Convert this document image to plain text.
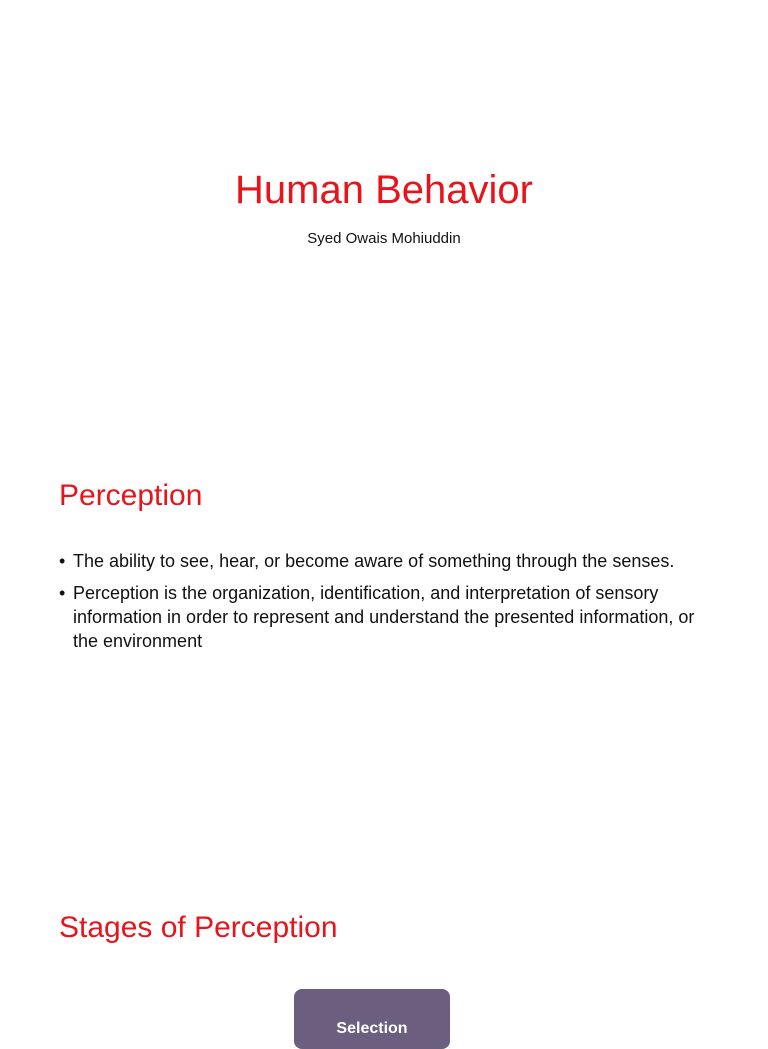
Human Behavior

Syed Owais Mohiuddin

Perception
• The ability to see, hear, or become aware of something through the senses.
• Perception is the organization, identification, and interpretation of sensory information in order to represent and understand the presented information, or the environment
Stages of Perception
Selection
